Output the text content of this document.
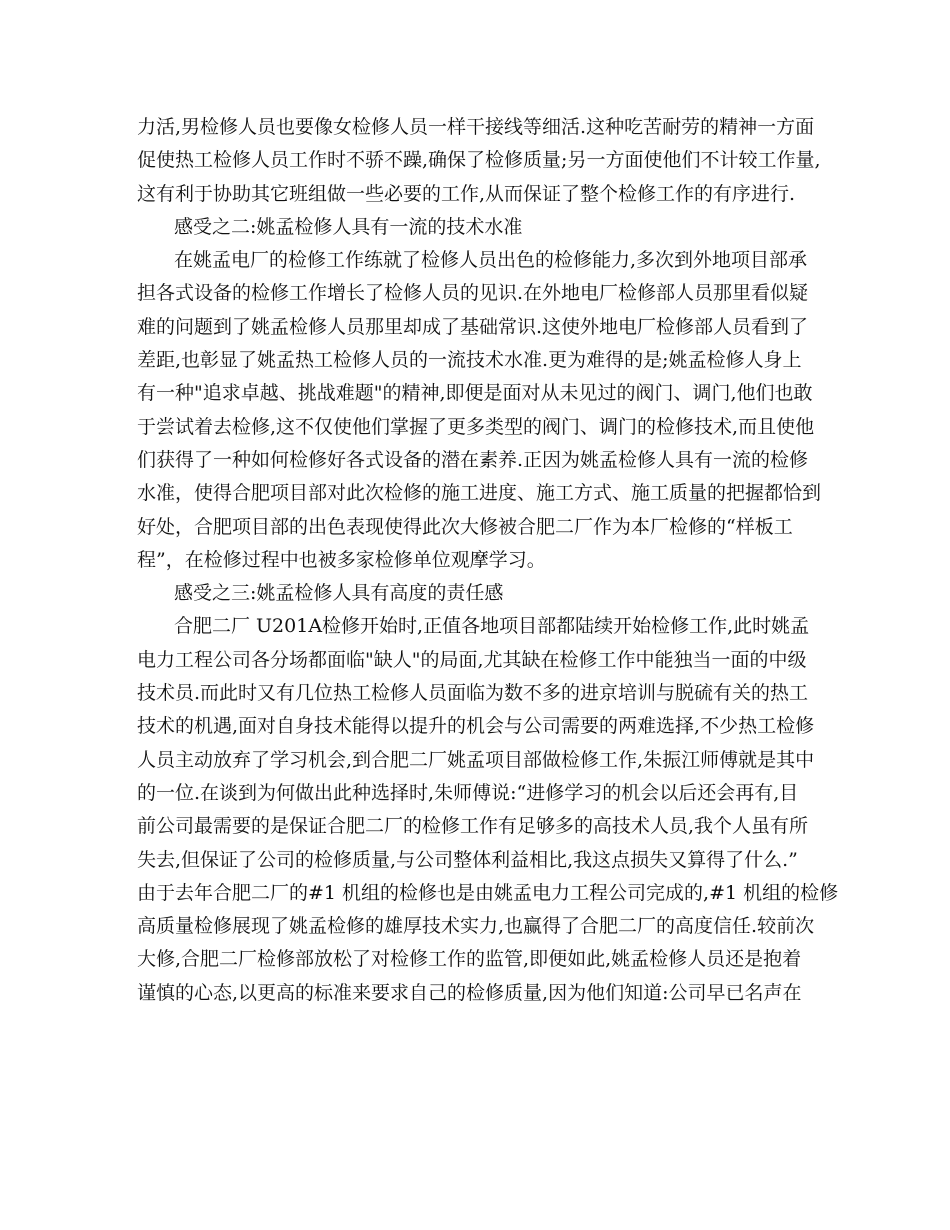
力活,男检修人员也要像女检修人员一样干接线等细活.这种吃苦耐劳的精神一方面
促使热工检修人员工作时不骄不躁,确保了检修质量;另一方面使他们不计较工作量,
这有利于协助其它班组做一些必要的工作,从而保证了整个检修工作的有序进行.
感受之二:姚孟检修人具有一流的技术水准
在姚孟电厂的检修工作练就了检修人员出色的检修能力,多次到外地项目部承
担各式设备的检修工作增长了检修人员的见识.在外地电厂检修部人员那里看似疑
难的问题到了姚孟检修人员那里却成了基础常识.这使外地电厂检修部人员看到了
差距,也彰显了姚孟热工检修人员的一流技术水准.更为难得的是;姚孟检修人身上
有一种"追求卓越、挑战难题"的精神,即便是面对从未见过的阀门、调门,他们也敢
于尝试着去检修,这不仅使他们掌握了更多类型的阀门、调门的检修技术,而且使他
们获得了一种如何检修好各式设备的潜在素养.正因为姚孟检修人具有一流的检修
水准，使得合肥项目部对此次检修的施工进度、施工方式、施工质量的把握都恰到
好处，合肥项目部的出色表现使得此次大修被合肥二厂作为本厂检修的“样板工
程”，在检修过程中也被多家检修单位观摩学习。
感受之三:姚孟检修人具有高度的责任感
合肥二厂 U201A检修开始时,正值各地项目部都陆续开始检修工作,此时姚孟
电力工程公司各分场都面临"缺人"的局面,尤其缺在检修工作中能独当一面的中级
技术员.而此时又有几位热工检修人员面临为数不多的进京培训与脱硫有关的热工
技术的机遇,面对自身技术能得以提升的机会与公司需要的两难选择,不少热工检修
人员主动放弃了学习机会,到合肥二厂姚孟项目部做检修工作,朱振江师傅就是其中
的一位.在谈到为何做出此种选择时,朱师傅说:“进修学习的机会以后还会再有,目
前公司最需要的是保证合肥二厂的检修工作有足够多的高技术人员,我个人虽有所
失去,但保证了公司的检修质量,与公司整体利益相比,我这点损失又算得了什么.”
由于去年合肥二厂的#1 机组的检修也是由姚孟电力工程公司完成的,#1 机组的检修
高质量检修展现了姚孟检修的雄厚技术实力,也赢得了合肥二厂的高度信任.较前次
大修,合肥二厂检修部放松了对检修工作的监管,即便如此,姚孟检修人员还是抱着
谨慎的心态,以更高的标准来要求自己的检修质量,因为他们知道:公司早已名声在
